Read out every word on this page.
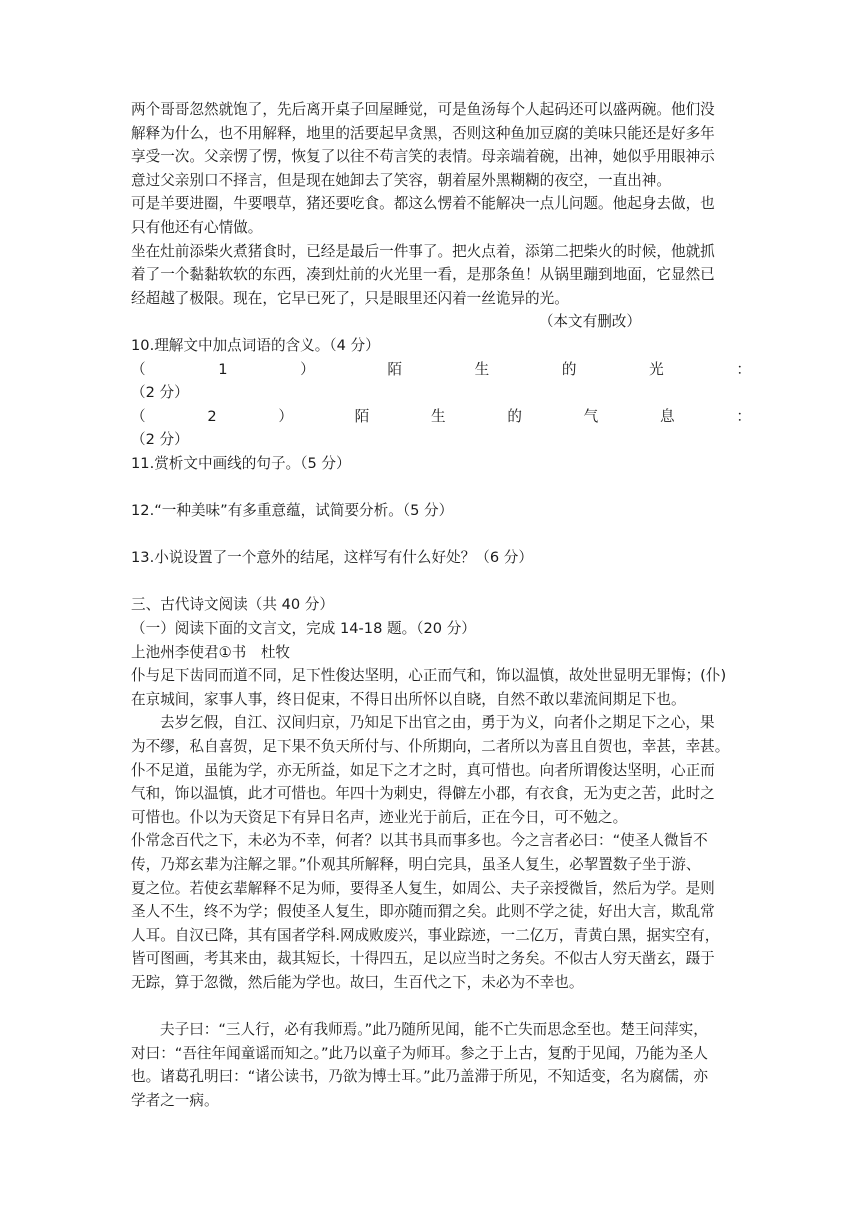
两个哥哥忽然就饱了，先后离开桌子回屋睡觉，可是鱼汤每个人起码还可以盛两碗。他们没
解释为什么，也不用解释，地里的活要起早贪黑，否则这种鱼加豆腐的美味只能还是好多年
享受一次。父亲愣了愣，恢复了以往不苟言笑的表情。母亲端着碗，出神，她似乎用眼神示
意过父亲别口不择言，但是现在她卸去了笑容，朝着屋外黑糊糊的夜空，一直出神。
可是羊要进圈，牛要喂草，猪还要吃食。都这么愣着不能解决一点儿问题。他起身去做，也
只有他还有心情做。
坐在灶前添柴火煮猪食时，已经是最后一件事了。把火点着，添第二把柴火的时候，他就抓
着了一个黏黏软软的东西，凑到灶前的火光里一看，是那条鱼！从锅里蹦到地面，它显然已
经超越了极限。现在，它早已死了，只是眼里还闪着一丝诡异的光。
（本文有删改）
10.理解文中加点词语的含义。（4 分）
（	1	）	陌	生	的	光	：
（2 分）
（	2	）	陌	生	的	气	息	：
（2 分）
11.赏析文中画线的句子。（5 分）
12.“一种美味”有多重意蕴，试简要分析。（5 分）
13.小说设置了一个意外的结尾，这样写有什么好处？（6 分）
三、古代诗文阅读（共 40 分）
（一）阅读下面的文言文，完成 14-18 题。（20 分）
上池州李使君①书　杜牧
仆与足下齿同而道不同，足下性俊达坚明，心正而气和，饰以温慎，故处世显明无罪悔；(仆)
在京城间，家事人事，终日促束，不得日出所怀以自晓，自然不敢以辈流间期足下也。
去岁乞假，自江、汉间归京，乃知足下出官之由，勇于为义，向者仆之期足下之心，果
为不缪，私自喜贺，足下果不负天所付与、仆所期向，二者所以为喜且自贺也，幸甚，幸甚。
仆不足道，虽能为学，亦无所益，如足下之才之时，真可惜也。向者所谓俊达坚明，心正而
气和，饰以温慎，此才可惜也。年四十为刺史，得僻左小郡，有衣食，无为吏之苦，此时之
可惜也。仆以为天资足下有异日名声，迹业光于前后，正在今日，可不勉之。
仆常念百代之下，未必为不幸，何者？以其书具而事多也。今之言者必曰：“使圣人微旨不
传，乃郑玄辈为注解之罪。”仆观其所解释，明白完具，虽圣人复生，必挈置数子坐于游、
夏之位。若使玄辈解释不足为师，要得圣人复生，如周公、夫子亲授微旨，然后为学。是则
圣人不生，终不为学；假使圣人复生，即亦随而猬之矣。此则不学之徒，好出大言，欺乱常
人耳。自汉已降，其有国者学科.网成败废兴，事业踪迹，一二亿万，青黄白黑，据实空有，
皆可图画，考其来由，裁其短长，十得四五，足以应当时之务矣。不似古人穷天凿玄，蹑于
无踪，算于忽微，然后能为学也。故曰，生百代之下，未必为不幸也。
夫子曰：“三人行，必有我师焉。”此乃随所见闻，能不亡失而思念至也。楚王问萍实，
对曰：“吾往年闻童谣而知之。”此乃以童子为师耳。参之于上古，复酌于见闻，乃能为圣人
也。诸葛孔明曰：“诸公读书，乃欲为博士耳。”此乃盖滞于所见，不知适变，名为腐儒，亦
学者之一病。
